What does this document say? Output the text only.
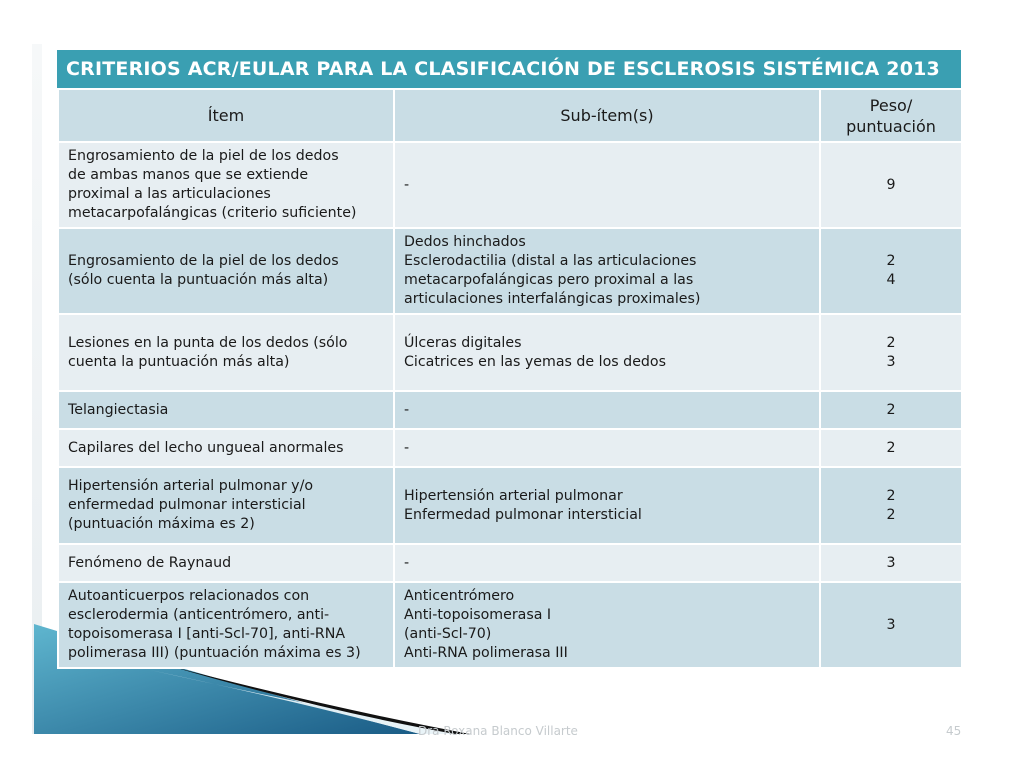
CRITERIOS ACR/EULAR PARA LA CLASIFICACIÓN DE ESCLEROSIS SISTÉMICA 2013
Ítem	Sub-ítem(s)	Peso/
puntuación

Engrosamiento de la piel de los dedos
de ambas manos que se extiende
proximal a las articulaciones
metacarpofalángicas (criterio suficiente)	-	9

Engrosamiento de la piel de los dedos
(sólo cuenta la puntuación más alta)	Dedos hinchados
Esclerodactilia (distal a las articulaciones
metacarpofalángicas pero proximal a las
articulaciones interfalángicas proximales)	2
4

Lesiones en la punta de los dedos (sólo
cuenta la puntuación más alta)	Úlceras digitales
Cicatrices en las yemas de los dedos	2
3

Telangiectasia	-	2

Capilares del lecho ungueal anormales	-	2

Hipertensión arterial pulmonar y/o
enfermedad pulmonar intersticial
(puntuación máxima es 2)	Hipertensión arterial pulmonar
Enfermedad pulmonar intersticial	2
2

Fenómeno de Raynaud	-	3

Autoanticuerpos relacionados con
esclerodermia (anticentrómero, anti-
topoisomerasa I [anti-Scl-70], anti-RNA
polimerasa III) (puntuación máxima es 3)	Anticentrómero
Anti-topoisomerasa I
(anti-Scl-70)
Anti-RNA polimerasa III	3
Dra Roxana Blanco Villarte	45
